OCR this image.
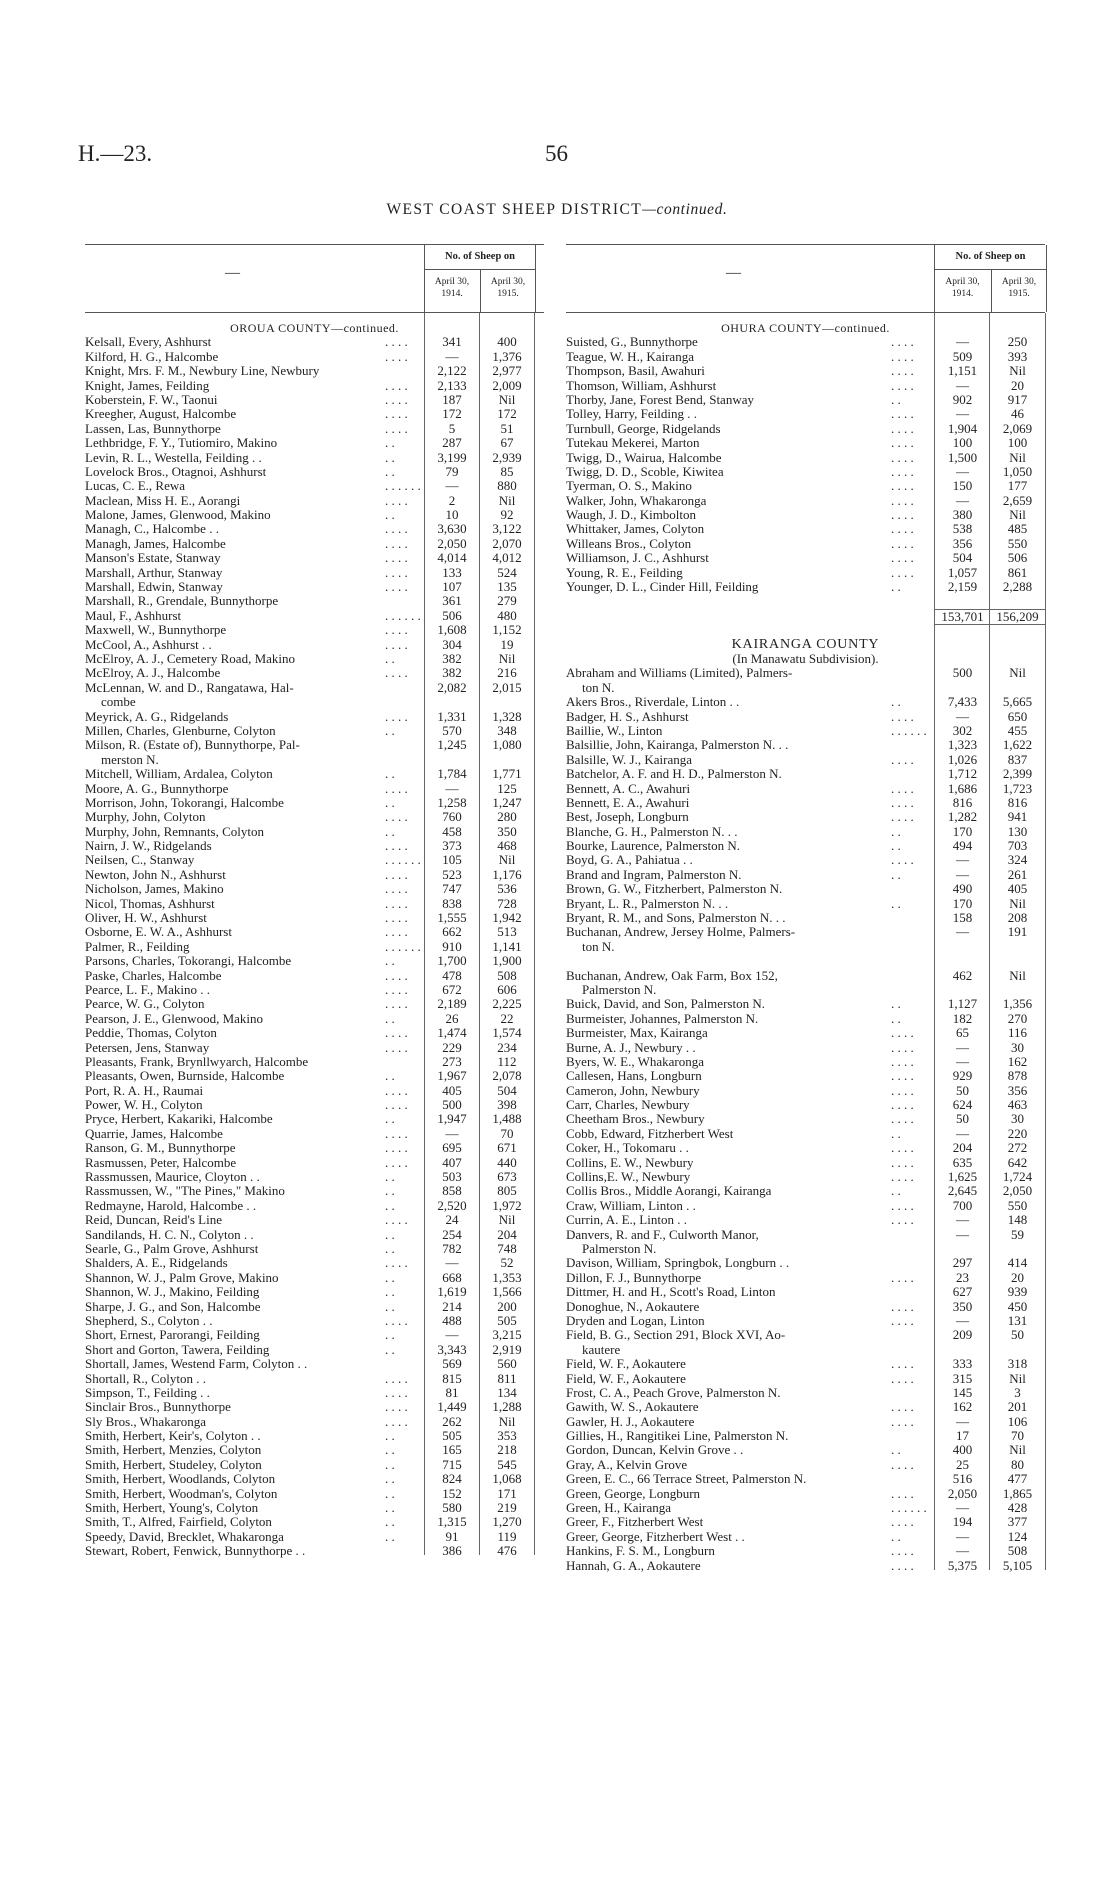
H.—23.	56
WEST COAST SHEEP DISTRICT—continued.
—
No. of Sheep on
April 30,
1914.
April 30,
1915.
OROUA COUNTY—continued.
Kelsall, Every, Ashhurst	. . . .	341	400
Kilford, H. G., Halcombe	. . . .	—	1,376
Knight, Mrs. F. M., Newbury Line, Newbury	2,122	2,977
Knight, James, Feilding	. . . .	2,133	2,009
Koberstein, F. W., Taonui	. . . .	187	Nil
Kreegher, August, Halcombe	. . . .	172	172
Lassen, Las, Bunnythorpe	. . . .	5	51
Lethbridge, F. Y., Tutiomiro, Makino	. .	287	67
Levin, R. L., Westella, Feilding . .	. .	3,199	2,939
Lovelock Bros., Otagnoi, Ashhurst	. .	79	85
Lucas, C. E., Rewa	. . . . . .	—	880
Maclean, Miss H. E., Aorangi	. . . .	2	Nil
Malone, James, Glenwood, Makino	. .	10	92
Managh, C., Halcombe . .	. . . .	3,630	3,122
Managh, James, Halcombe	. . . .	2,050	2,070
Manson's Estate, Stanway	. . . .	4,014	4,012
Marshall, Arthur, Stanway	. . . .	133	524
Marshall, Edwin, Stanway	. . . .	107	135
Marshall, R., Grendale, Bunnythorpe	361	279
Maul, F., Ashhurst	. . . . . .	506	480
Maxwell, W., Bunnythorpe	. . . .	1,608	1,152
McCool, A., Ashhurst . .	. . . .	304	19
McElroy, A. J., Cemetery Road, Makino	. .	382	Nil
McElroy, A. J., Halcombe	. . . .	382	216
McLennan, W. and D., Rangatawa, Hal-	2,082	2,015
combe
Meyrick, A. G., Ridgelands	. . . .	1,331	1,328
Millen, Charles, Glenburne, Colyton	. .	570	348
Milson, R. (Estate of), Bunnythorpe, Pal-	1,245	1,080
merston N.
Mitchell, William, Ardalea, Colyton	. .	1,784	1,771
Moore, A. G., Bunnythorpe	. . . .	—	125
Morrison, John, Tokorangi, Halcombe	. .	1,258	1,247
Murphy, John, Colyton	. . . .	760	280
Murphy, John, Remnants, Colyton	. .	458	350
Nairn, J. W., Ridgelands	. . . .	373	468
Neilsen, C., Stanway	. . . . . .	105	Nil
Newton, John N., Ashhurst	. . . .	523	1,176
Nicholson, James, Makino	. . . .	747	536
Nicol, Thomas, Ashhurst	. . . .	838	728
Oliver, H. W., Ashhurst	. . . .	1,555	1,942
Osborne, E. W. A., Ashhurst	. . . .	662	513
Palmer, R., Feilding	. . . . . .	910	1,141
Parsons, Charles, Tokorangi, Halcombe	. .	1,700	1,900
Paske, Charles, Halcombe	. . . .	478	508
Pearce, L. F., Makino . .	. . . .	672	606
Pearce, W. G., Colyton	. . . .	2,189	2,225
Pearson, J. E., Glenwood, Makino	. .	26	22
Peddie, Thomas, Colyton	. . . .	1,474	1,574
Petersen, Jens, Stanway	. . . .	229	234
Pleasants, Frank, Brynllwyarch, Halcombe	273	112
Pleasants, Owen, Burnside, Halcombe	. .	1,967	2,078
Port, R. A. H., Raumai	. . . .	405	504
Power, W. H., Colyton	. . . .	500	398
Pryce, Herbert, Kakariki, Halcombe	. .	1,947	1,488
Quarrie, James, Halcombe	. . . .	—	70
Ranson, G. M., Bunnythorpe	. . . .	695	671
Rasmussen, Peter, Halcombe	. . . .	407	440
Rassmussen, Maurice, Cloyton . .	. .	503	673
Rassmussen, W., "The Pines," Makino	. .	858	805
Redmayne, Harold, Halcombe . .	. .	2,520	1,972
Reid, Duncan, Reid's Line	. . . .	24	Nil
Sandilands, H. C. N., Colyton . .	. .	254	204
Searle, G., Palm Grove, Ashhurst	. .	782	748
Shalders, A. E., Ridgelands	. . . .	—	52
Shannon, W. J., Palm Grove, Makino	. .	668	1,353
Shannon, W. J., Makino, Feilding	. .	1,619	1,566
Sharpe, J. G., and Son, Halcombe	. .	214	200
Shepherd, S., Colyton . .	. . . .	488	505
Short, Ernest, Parorangi, Feilding	. .	—	3,215
Short and Gorton, Tawera, Feilding	. .	3,343	2,919
Shortall, James, Westend Farm, Colyton . .	569	560
Shortall, R., Colyton . .	. . . .	815	811
Simpson, T., Feilding . .	. . . .	81	134
Sinclair Bros., Bunnythorpe	. . . .	1,449	1,288
Sly Bros., Whakaronga	. . . .	262	Nil
Smith, Herbert, Keir's, Colyton . .	. .	505	353
Smith, Herbert, Menzies, Colyton	. .	165	218
Smith, Herbert, Studeley, Colyton	. .	715	545
Smith, Herbert, Woodlands, Colyton	. .	824	1,068
Smith, Herbert, Woodman's, Colyton	. .	152	171
Smith, Herbert, Young's, Colyton	. .	580	219
Smith, T., Alfred, Fairfield, Colyton	. .	1,315	1,270
Speedy, David, Brecklet, Whakaronga	. .	91	119
Stewart, Robert, Fenwick, Bunnythorpe . .	386	476
—
No. of Sheep on
April 30,
1914.
April 30,
1915.
OHURA COUNTY—continued.
Suisted, G., Bunnythorpe	. . . .	—	250
Teague, W. H., Kairanga	. . . .	509	393
Thompson, Basil, Awahuri	. . . .	1,151	Nil
Thomson, William, Ashhurst	. . . .	—	20
Thorby, Jane, Forest Bend, Stanway	. .	902	917
Tolley, Harry, Feilding . .	. . . .	—	46
Turnbull, George, Ridgelands	. . . .	1,904	2,069
Tutekau Mekerei, Marton	. . . .	100	100
Twigg, D., Wairua, Halcombe	. . . .	1,500	Nil
Twigg, D. D., Scoble, Kiwitea	. . . .	—	1,050
Tyerman, O. S., Makino	. . . .	150	177
Walker, John, Whakaronga	. . . .	—	2,659
Waugh, J. D., Kimbolton	. . . .	380	Nil
Whittaker, James, Colyton	. . . .	538	485
Willeans Bros., Colyton	. . . .	356	550
Williamson, J. C., Ashhurst	. . . .	504	506
Young, R. E., Feilding	. . . .	1,057	861
Younger, D. L., Cinder Hill, Feilding	. .	2,159	2,288
153,701 156,209
KAIRANGA COUNTY
(In Manawatu Subdivision).
Abraham and Williams (Limited), Palmers-	500	Nil
ton N.
Akers Bros., Riverdale, Linton . .	. .	7,433	5,665
Badger, H. S., Ashhurst	. . . .	—	650
Baillie, W., Linton	. . . . . .	302	455
Balsillie, John, Kairanga, Palmerston N. . .	1,323	1,622
Balsille, W. J., Kairanga	. . . .	1,026	837
Batchelor, A. F. and H. D., Palmerston N.	1,712	2,399
Bennett, A. C., Awahuri	. . . .	1,686	1,723
Bennett, E. A., Awahuri	. . . .	816	816
Best, Joseph, Longburn	. . . .	1,282	941
Blanche, G. H., Palmerston N. . .	. .	170	130
Bourke, Laurence, Palmerston N.	. .	494	703
Boyd, G. A., Pahiatua . .	. . . .	—	324
Brand and Ingram, Palmerston N.	. .	—	261
Brown, G. W., Fitzherbert, Palmerston N.	490	405
Bryant, L. R., Palmerston N. . .	. .	170	Nil
Bryant, R. M., and Sons, Palmerston N. . .	158	208
Buchanan, Andrew, Jersey Holme, Palmers-	—	191
ton N.
Buchanan, Andrew, Oak Farm, Box 152,	462	Nil
Palmerston N.
Buick, David, and Son, Palmerston N.	. .	1,127	1,356
Burmeister, Johannes, Palmerston N.	. .	182	270
Burmeister, Max, Kairanga	. . . .	65	116
Burne, A. J., Newbury . .	. . . .	—	30
Byers, W. E., Whakaronga	. . . .	—	162
Callesen, Hans, Longburn	. . . .	929	878
Cameron, John, Newbury	. . . .	50	356
Carr, Charles, Newbury	. . . .	624	463
Cheetham Bros., Newbury	. . . .	50	30
Cobb, Edward, Fitzherbert West	. .	—	220
Coker, H., Tokomaru . .	. . . .	204	272
Collins, E. W., Newbury	. . . .	635	642
Collins,E. W., Newbury	. . . .	1,625	1,724
Collis Bros., Middle Aorangi, Kairanga	. .	2,645	2,050
Craw, William, Linton . .	. . . .	700	550
Currin, A. E., Linton . .	. . . .	—	148
Danvers, R. and F., Culworth Manor,	—	59
Palmerston N.
Davison, William, Springbok, Longburn . .	297	414
Dillon, F. J., Bunnythorpe	. . . .	23	20
Dittmer, H. and H., Scott's Road, Linton	627	939
Donoghue, N., Aokautere	. . . .	350	450
Dryden and Logan, Linton	. . . .	—	131
Field, B. G., Section 291, Block XVI, Ao-	209	50
kautere
Field, W. F., Aokautere	. . . .	333	318
Field, W. F., Aokautere	. . . .	315	Nil
Frost, C. A., Peach Grove, Palmerston N.	145	3
Gawith, W. S., Aokautere	. . . .	162	201
Gawler, H. J., Aokautere	. . . .	—	106
Gillies, H., Rangitikei Line, Palmerston N.	17	70
Gordon, Duncan, Kelvin Grove . .	. .	400	Nil
Gray, A., Kelvin Grove	. . . .	25	80
Green, E. C., 66 Terrace Street, Palmerston N.	516	477
Green, George, Longburn	. . . .	2,050	1,865
Green, H., Kairanga	. . . . . .	—	428
Greer, F., Fitzherbert West	. . . .	194	377
Greer, George, Fitzherbert West . .	. .	—	124
Hankins, F. S. M., Longburn	. . . .	—	508
Hannah, G. A., Aokautere	. . . .	5,375	5,105
